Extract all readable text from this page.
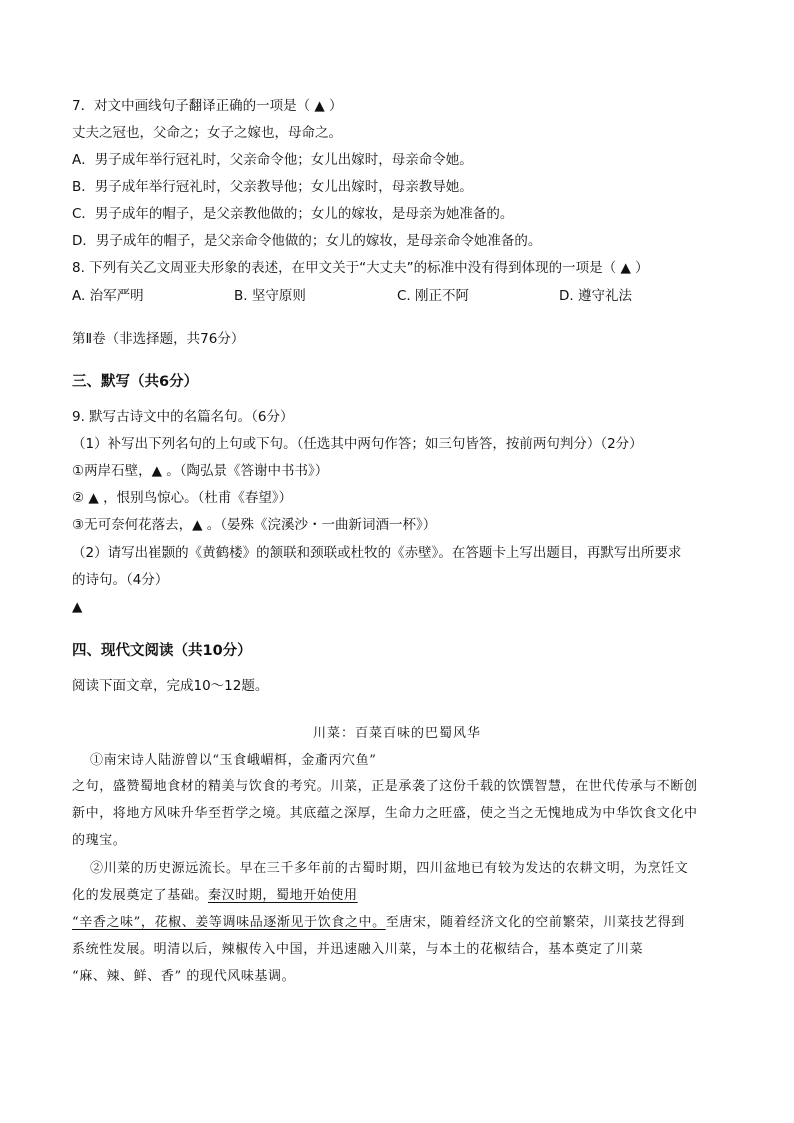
7．对文中画线句子翻译正确的一项是（ ▲ ）
丈夫之冠也，父命之；女子之嫁也，母命之。
A．男子成年举行冠礼时，父亲命令他；女儿出嫁时，母亲命令她。
B．男子成年举行冠礼时，父亲教导他；女儿出嫁时，母亲教导她。
C．男子成年的帽子，是父亲教他做的；女儿的嫁妆，是母亲为她准备的。
D．男子成年的帽子，是父亲命令他做的；女儿的嫁妆，是母亲命令她准备的。
8. 下列有关乙文周亚夫形象的表述，在甲文关于“大丈夫”的标准中没有得到体现的一项是（ ▲ ）
A. 治军严明	B. 坚守原则	C. 刚正不阿	D. 遵守礼法
第Ⅱ卷（非选择题，共76分）
三、默写（共6分）
9. 默写古诗文中的名篇名句。（6分）
（1）补写出下列名句的上句或下句。（任选其中两句作答；如三句皆答，按前两句判分）（2分）
①两岸石壁，▲ 。（陶弘景《答谢中书书》）
② ▲ ，恨别鸟惊心。（杜甫《春望》）
③无可奈何花落去，▲ 。（晏殊《浣溪沙・一曲新词酒一杯》）
（2）请写出崔颢的《黄鹤楼》的颔联和颈联或杜牧的《赤壁》。在答题卡上写出题目，再默写出所要求
的诗句。（4分）
▲
四、现代文阅读（共10分）
阅读下面文章，完成10～12题。
川菜：百菜百味的巴蜀风华
①南宋诗人陆游曾以“玉食峨嵋栮，金齑丙穴鱼”
之句，盛赞蜀地食材的精美与饮食的考究。川菜，正是承袭了这份千载的饮馔智慧，在世代传承与不断创
新中，将地方风味升华至哲学之境。其底蕴之深厚，生命力之旺盛，使之当之无愧地成为中华饮食文化中
的瑰宝。
②川菜的历史源远流长。早在三千多年前的古蜀时期，四川盆地已有较为发达的农耕文明，为烹饪文
化的发展奠定了基础。秦汉时期，蜀地开始使用
“辛香之味”，花椒、姜等调味品逐渐见于饮食之中。至唐宋，随着经济文化的空前繁荣，川菜技艺得到
系统性发展。明清以后，辣椒传入中国，并迅速融入川菜，与本土的花椒结合，基本奠定了川菜
“麻、辣、鲜、香” 的现代风味基调。
